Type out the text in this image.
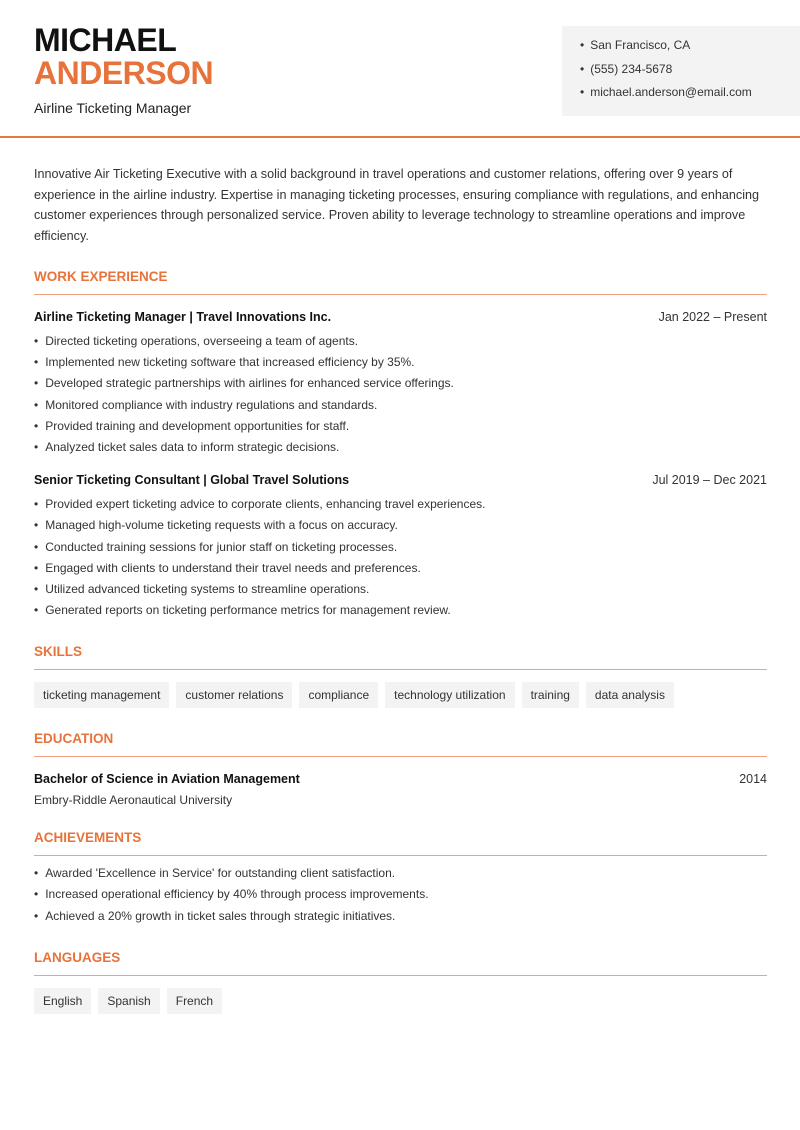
MICHAEL
ANDERSON
Airline Ticketing Manager
• San Francisco, CA
• (555) 234-5678
• michael.anderson@email.com

Innovative Air Ticketing Executive with a solid background in travel operations and customer relations, offering over 9 years of experience in the airline industry. Expertise in managing ticketing processes, ensuring compliance with regulations, and enhancing customer experiences through personalized service. Proven ability to leverage technology to streamline operations and improve efficiency.

WORK EXPERIENCE
Airline Ticketing Manager | Travel Innovations Inc.	Jan 2022 – Present
• Directed ticketing operations, overseeing a team of agents.
• Implemented new ticketing software that increased efficiency by 35%.
• Developed strategic partnerships with airlines for enhanced service offerings.
• Monitored compliance with industry regulations and standards.
• Provided training and development opportunities for staff.
• Analyzed ticket sales data to inform strategic decisions.
Senior Ticketing Consultant | Global Travel Solutions	Jul 2019 – Dec 2021
• Provided expert ticketing advice to corporate clients, enhancing travel experiences.
• Managed high-volume ticketing requests with a focus on accuracy.
• Conducted training sessions for junior staff on ticketing processes.
• Engaged with clients to understand their travel needs and preferences.
• Utilized advanced ticketing systems to streamline operations.
• Generated reports on ticketing performance metrics for management review.
SKILLS
ticketing management	customer relations	compliance	technology utilization	training	data analysis
EDUCATION
Bachelor of Science in Aviation Management	2014
Embry-Riddle Aeronautical University
ACHIEVEMENTS
• Awarded 'Excellence in Service' for outstanding client satisfaction.
• Increased operational efficiency by 40% through process improvements.
• Achieved a 20% growth in ticket sales through strategic initiatives.
LANGUAGES
English	Spanish	French
